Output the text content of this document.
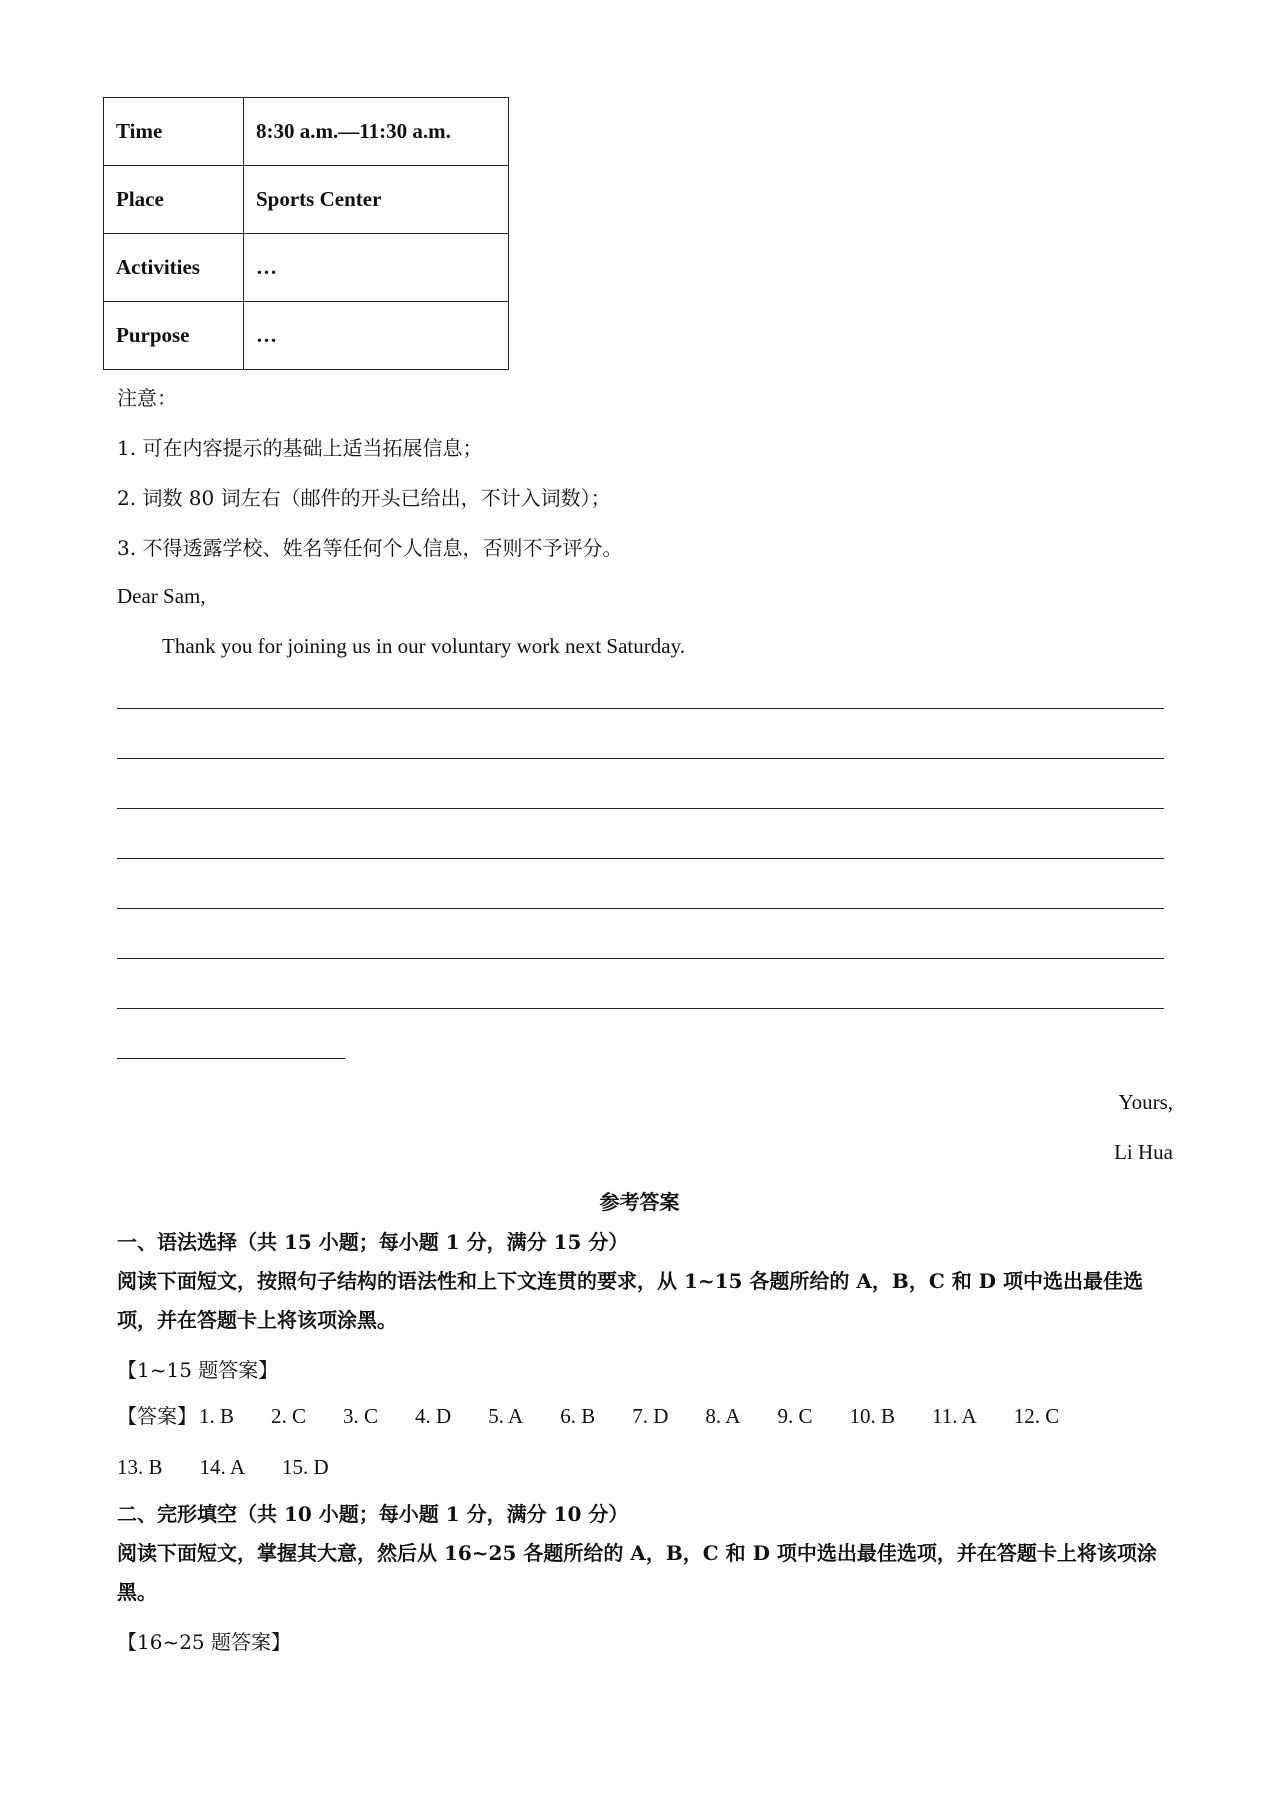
Time	8:30 a.m.—11:30 a.m.
Place	Sports Center
Activities	…
Purpose	…
注意：
1. 可在内容提示的基础上适当拓展信息；
2. 词数 80 词左右（邮件的开头已给出，不计入词数）；
3. 不得透露学校、姓名等任何个人信息，否则不予评分。
Dear Sam,
Thank you for joining us in our voluntary work next Saturday.
Yours,
Li Hua
参考答案
一、语法选择（共 15 小题；每小题 1 分，满分 15 分）
阅读下面短文，按照句子结构的语法性和上下文连贯的要求，从 1~15 各题所给的 A，B，C 和 D 项中选出最佳选项，并在答题卡上将该项涂黑。
【1~15 题答案】
【答案】1. B 2. C 3. C 4. D 5. A 6. B 7. D 8. A 9. C 10. B 11. A 12. C13. B 14. A 15. D
二、完形填空（共 10 小题；每小题 1 分，满分 10 分）
阅读下面短文，掌握其大意，然后从 16~25 各题所给的 A，B，C 和 D 项中选出最佳选项，并在答题卡上将该项涂黑。
【16~25 题答案】
